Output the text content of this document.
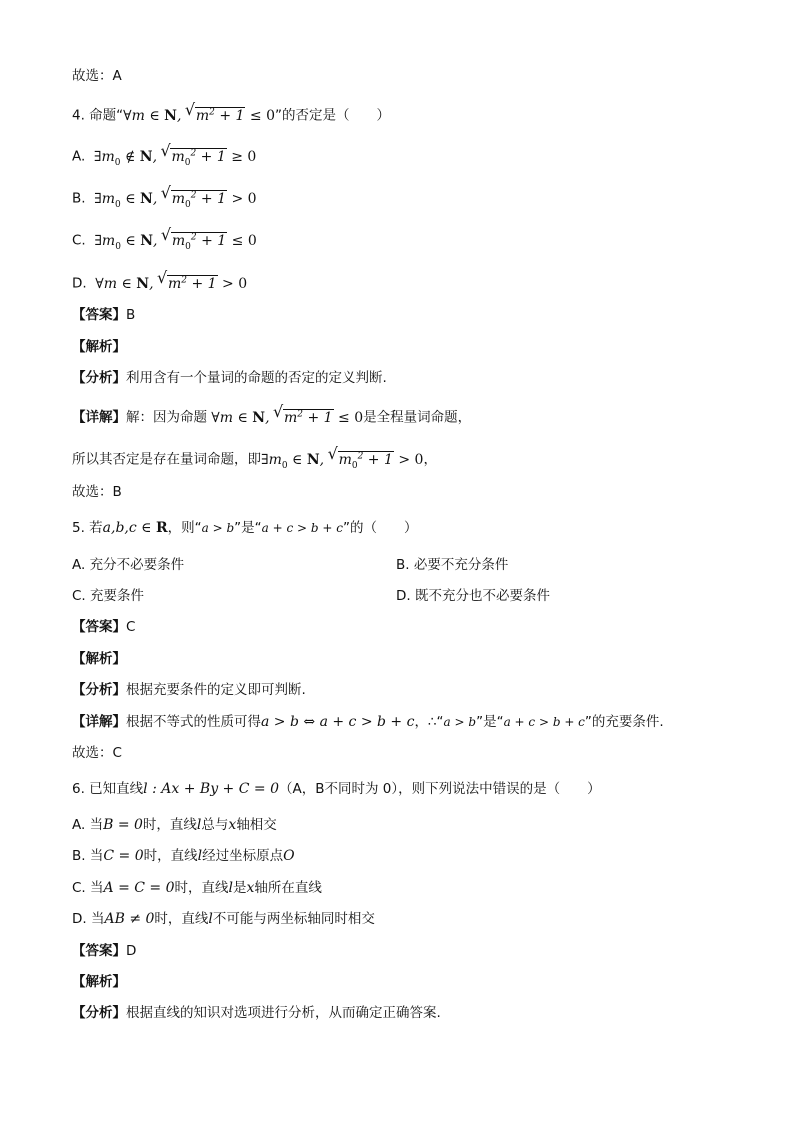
故选：A
4. 命题“∀m ∈ N, √ $m^2 + 1 \le 0$”的否定是（　　）
A. $\exists m_0$ ∉ N, √ $m_0^2 + 1 \ge 0$
B. $\exists m_0$ ∈ N, √ $m_0^2 + 1 > 0$
C. $\exists m_0$ ∈ N, √ $m_0^2 + 1 \le 0$
D. ∀m ∈ N, √ $m^2 + 1 > 0$
【答案】B
【解析】
【分析】利用含有一个量词的命题的否定的定义判断.
【详解】解：因为命题 ∀m ∈ N, √ $m^2 + 1 \le 0$是全程量词命题，
所以其否定是存在量词命题，即$\exists m_0$ ∈ N, √ $m_0^2 + 1 > 0$，
故选：B
5. 若a,b,c ∈ R，则“a > b”是“a + c > b + c”的（　　）
A. 充分不必要条件	B. 必要不充分条件
C. 充要条件	D. 既不充分也不必要条件
【答案】C
【解析】
【分析】根据充要条件的定义即可判断.
【详解】根据不等式的性质可得a > b ⇔ a + c > b + c，∴“a > b”是“a + c > b + c”的充要条件.
故选：C
6. 已知直线l : Ax + By + C = 0（A，B不同时为 0），则下列说法中错误的是（　　）
A. 当B = 0时，直线l总与x轴相交
B. 当C = 0时，直线l经过坐标原点O
C. 当A = C = 0时，直线l是x轴所在直线
D. 当AB ≠ 0时，直线l不可能与两坐标轴同时相交
【答案】D
【解析】
【分析】根据直线的知识对选项进行分析，从而确定正确答案.
